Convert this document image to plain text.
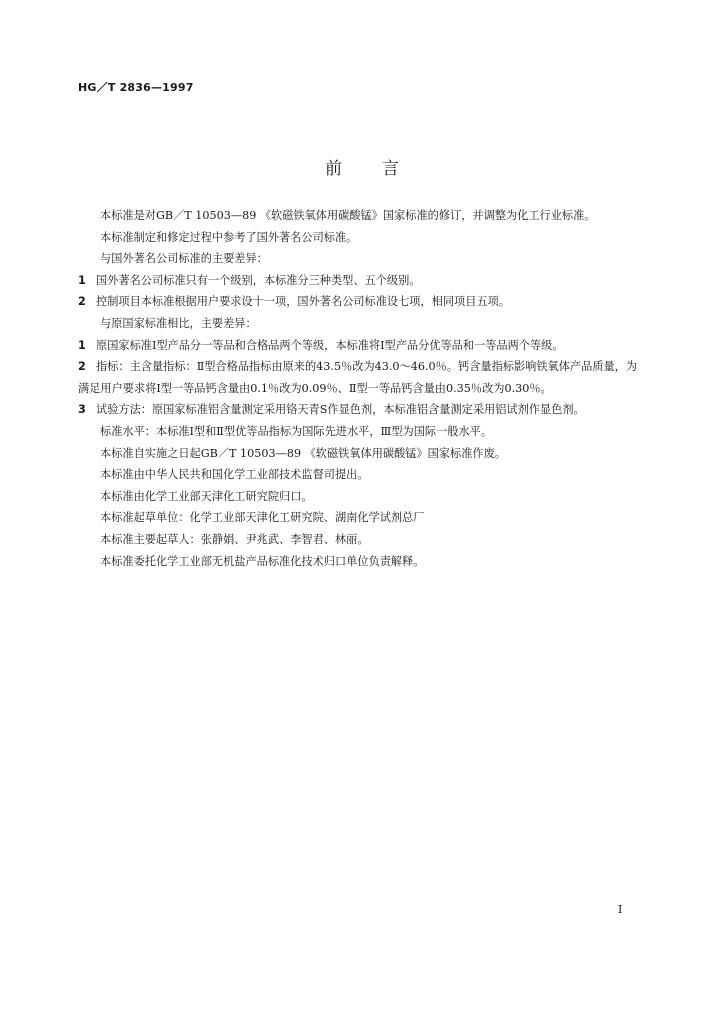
HG／T 2836—1997
前言

本标准是对GB／T 10503—89 《软磁铁氧体用碳酸锰》国家标准的修订，并调整为化工行业标准。

本标准制定和修定过程中参考了国外著名公司标准。

与国外著名公司标准的主要差异：

1 国外著名公司标准只有一个级别，本标准分三种类型、五个级别。

2 控制项目本标准根据用户要求设十一项，国外著名公司标准设七项，相同项目五项。

与原国家标准相比，主要差异：

1 原国家标准Ⅰ型产品分一等品和合格品两个等级，本标准将Ⅰ型产品分优等品和一等品两个等级。

2 指标：主含量指标：Ⅱ型合格品指标由原来的43.5％改为43.0～46.0％。钙含量指标影响铁氧体产品质量，为满足用户要求将Ⅰ型一等品钙含量由0.1％改为0.09％、Ⅱ型一等品钙含量由0.35％改为0.30％。

3 试验方法：原国家标准铝含量测定采用铬天青S作显色剂，本标准铝含量测定采用铝试剂作显色剂。

标准水平：本标准Ⅰ型和Ⅱ型优等品指标为国际先进水平，Ⅲ型为国际一般水平。

本标准自实施之日起GB／T 10503—89 《软磁铁氧体用碳酸锰》国家标准作废。

本标准由中华人民共和国化学工业部技术监督司提出。

本标准由化学工业部天津化工研究院归口。

本标准起草单位：化学工业部天津化工研究院、湖南化学试剂总厂

本标准主要起草人：张静娟、尹兆武、李智君、林丽。

本标准委托化学工业部无机盐产品标准化技术归口单位负责解释。

I
